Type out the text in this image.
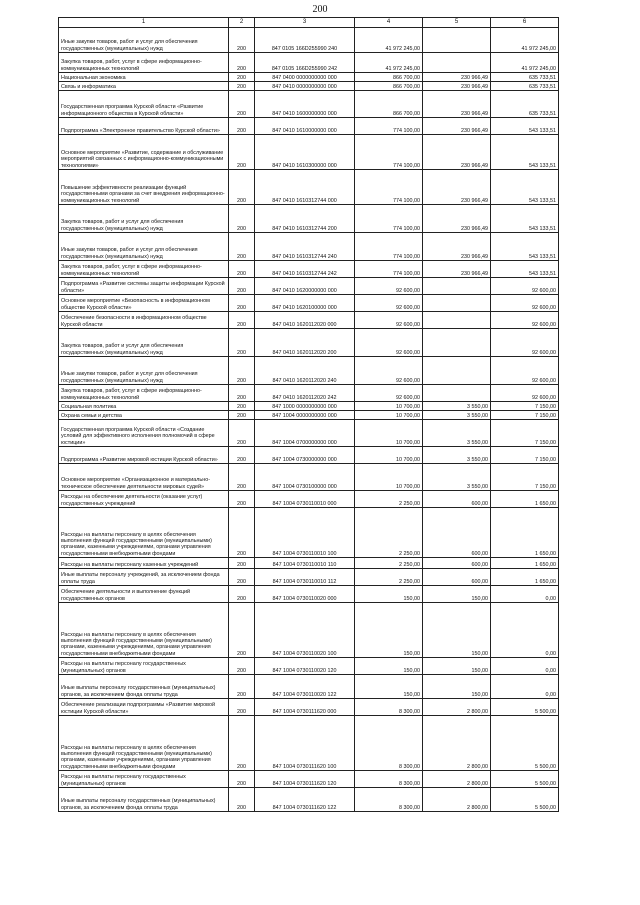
200
1	2	3	4	5	6
Иные закупки товаров, работ и услуг для обеспечения государственных (муниципальных) нужд	200	847 0105 166D255990 240	41 972 245,00		41 972 245,00
Закупка товаров, работ, услуг в сфере информационно-коммуникационных технологий	200	847 0105 166D255990 242	41 972 245,00		41 972 245,00
Национальная экономика	200	847 0400 0000000000 000	866 700,00	230 966,49	635 733,51
Связь и информатика	200	847 0410 0000000000 000	866 700,00	230 966,49	635 733,51
Государственная программа Курской области «Развитие информационного общества в Курской области»	200	847 0410 1600000000 000	866 700,00	230 966,49	635 733,51
Подпрограмма «Электронное правительство Курской области»	200	847 0410 1610000000 000	774 100,00	230 966,49	543 133,51
Основное мероприятие «Развитие, содержание и обслуживание мероприятий связанных с информационно-коммуникационными технологиями»	200	847 0410 1610300000 000	774 100,00	230 966,49	543 133,51
Повышение эффективности реализации функций государственными органами за счет внедрения информационно-коммуникационных технологий	200	847 0410 1610312744 000	774 100,00	230 966,49	543 133,51
Закупка товаров, работ и услуг для обеспечения государственных (муниципальных) нужд	200	847 0410 1610312744 200	774 100,00	230 966,49	543 133,51
Иные закупки товаров, работ и услуг для обеспечения государственных (муниципальных) нужд	200	847 0410 1610312744 240	774 100,00	230 966,49	543 133,51
Закупка товаров, работ, услуг в сфере информационно-коммуникационных технологий	200	847 0410 1610312744 242	774 100,00	230 966,49	543 133,51
Подпрограмма «Развитие системы защиты информации Курской области»	200	847 0410 1620000000 000	92 600,00		92 600,00
Основное мероприятие «Безопасность в информационном обществе Курской области»	200	847 0410 1620100000 000	92 600,00		92 600,00
Обеспечение безопасности в информационном обществе Курской области	200	847 0410 1620112020 000	92 600,00		92 600,00
Закупка товаров, работ и услуг для обеспечения государственных (муниципальных) нужд	200	847 0410 1620112020 200	92 600,00		92 600,00
Иные закупки товаров, работ и услуг для обеспечения государственных (муниципальных) нужд	200	847 0410 1620112020 240	92 600,00		92 600,00
Закупка товаров, работ, услуг в сфере информационно-коммуникационных технологий	200	847 0410 1620112020 242	92 600,00		92 600,00
Социальная политика	200	847 1000 0000000000 000	10 700,00	3 550,00	7 150,00
Охрана семьи и детства	200	847 1004 0000000000 000	10 700,00	3 550,00	7 150,00
Государственная программа Курской области «Создание условий для эффективного исполнения полномочий в сфере юстиции»	200	847 1004 0700000000 000	10 700,00	3 550,00	7 150,00
Подпрограмма «Развитие мировой юстиции Курской области»	200	847 1004 0730000000 000	10 700,00	3 550,00	7 150,00
Основное мероприятие «Организационное и материально-техническое обеспечение деятельности мировых судей»	200	847 1004 0730100000 000	10 700,00	3 550,00	7 150,00
Расходы на обеспечение деятельности (оказание услуг) государственных учреждений	200	847 1004 0730110010 000	2 250,00	600,00	1 650,00
Расходы на выплаты персоналу в целях обеспечения выполнения функций государственными (муниципальными) органами, казенными учреждениями, органами управления государственными внебюджетными фондами	200	847 1004 0730110010 100	2 250,00	600,00	1 650,00
Расходы на выплаты персоналу казенных учреждений	200	847 1004 0730110010 110	2 250,00	600,00	1 650,00
Иные выплаты персоналу учреждений, за исключением фонда оплаты труда	200	847 1004 0730110010 112	2 250,00	600,00	1 650,00
Обеспечение деятельности и выполнение функций государственных органов	200	847 1004 0730110020 000	150,00	150,00	0,00
Расходы на выплаты персоналу в целях обеспечения выполнения функций государственными (муниципальными) органами, казенными учреждениями, органами управления государственными внебюджетными фондами	200	847 1004 0730110020 100	150,00	150,00	0,00
Расходы на выплаты персоналу государственных (муниципальных) органов	200	847 1004 0730110020 120	150,00	150,00	0,00
Иные выплаты персоналу государственных (муниципальных) органов, за исключением фонда оплаты труда	200	847 1004 0730110020 122	150,00	150,00	0,00
Обеспечение реализации подпрограммы «Развитие мировой юстиции Курской области»	200	847 1004 0730111620 000	8 300,00	2 800,00	5 500,00
Расходы на выплаты персоналу в целях обеспечения выполнения функций государственными (муниципальными) органами, казенными учреждениями, органами управления государственными внебюджетными фондами	200	847 1004 0730111620 100	8 300,00	2 800,00	5 500,00
Расходы на выплаты персоналу государственных (муниципальных) органов	200	847 1004 0730111620 120	8 300,00	2 800,00	5 500,00
Иные выплаты персоналу государственных (муниципальных) органов, за исключением фонда оплаты труда	200	847 1004 0730111620 122	8 300,00	2 800,00	5 500,00
